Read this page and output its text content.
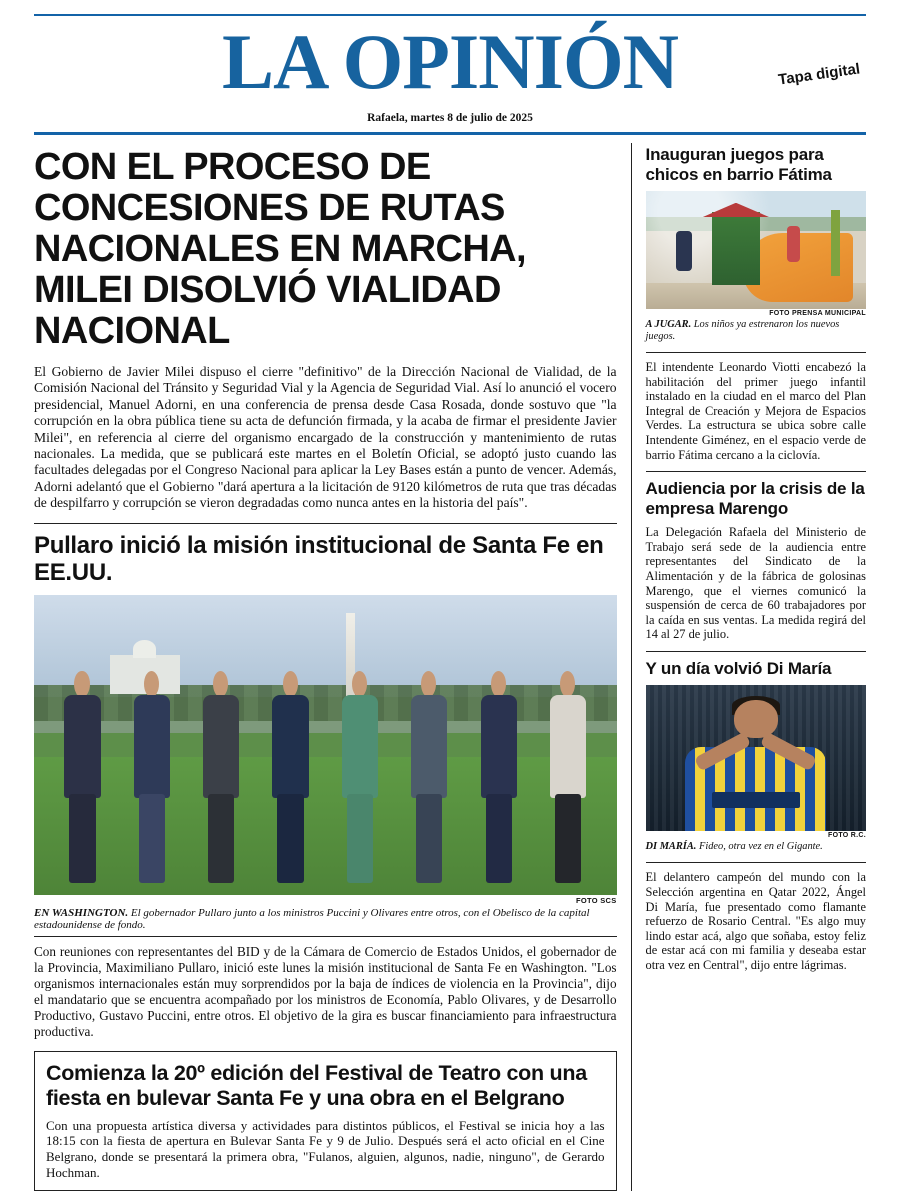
LA OPINIÓN	Tapa digital
Rafaela, martes 8 de julio de 2025
CON EL PROCESO DE CONCESIONES DE RUTAS NACIONALES EN MARCHA, MILEI DISOLVIÓ VIALIDAD NACIONAL

El Gobierno de Javier Milei dispuso el cierre "definitivo" de la Dirección Nacional de Vialidad, de la Comisión Nacional del Tránsito y Seguridad Vial y la Agencia de Seguridad Vial. Así lo anunció el vocero presidencial, Manuel Adorni, en una conferencia de prensa desde Casa Rosada, donde sostuvo que "la corrupción en la obra pública tiene su acta de defunción firmada, y la acaba de firmar el presidente Javier Milei", en referencia al cierre del organismo encargado de la construcción y mantenimiento de rutas nacionales. La medida, que se publicará este martes en el Boletín Oficial, se adoptó justo cuando las facultades delegadas por el Congreso Nacional para aplicar la Ley Bases están a punto de vencer. Además, Adorni adelantó que el Gobierno "dará apertura a la licitación de 9120 kilómetros de ruta que tras décadas de despilfarro y corrupción se vieron degradadas como nunca antes en la historia del país".

Pullaro inició la misión institucional de Santa Fe en EE.UU.
FOTO SCS
EN WASHINGTON. El gobernador Pullaro junto a los ministros Puccini y Olivares entre otros, con el Obelisco de la capital estadounidense de fondo.

Con reuniones con representantes del BID y de la Cámara de Comercio de Estados Unidos, el gobernador de la Provincia, Maximiliano Pullaro, inició este lunes la misión institucional de Santa Fe en Washington. "Los organismos internacionales están muy sorprendidos por la baja de índices de violencia en la Provincia", dijo el mandatario que se encuentra acompañado por los ministros de Economía, Pablo Olivares, y de Desarrollo Productivo, Gustavo Puccini, entre otros. El objetivo de la gira es buscar financiamiento para infraestructura productiva.

Comienza la 20º edición del Festival de Teatro con una fiesta en bulevar Santa Fe y una obra en el Belgrano

Con una propuesta artística diversa y actividades para distintos públicos, el Festival se inicia hoy a las 18:15 con la fiesta de apertura en Bulevar Santa Fe y 9 de Julio. Después será el acto oficial en el Cine Belgrano, donde se presentará la primera obra, "Fulanos, alguien, algunos, nadie, ninguno", de Gerardo Hochman.

Inauguran juegos para chicos en barrio Fátima
FOTO PRENSA MUNICIPAL
A JUGAR. Los niños ya estrenaron los nuevos juegos.

El intendente Leonardo Viotti encabezó la habilitación del primer juego infantil instalado en la ciudad en el marco del Plan Integral de Creación y Mejora de Espacios Verdes. La estructura se ubica sobre calle Intendente Giménez, en el espacio verde de barrio Fátima cercano a la ciclovía.

Audiencia por la crisis de la empresa Marengo

La Delegación Rafaela del Ministerio de Trabajo será sede de la audiencia entre representantes del Sindicato de la Alimentación y de la fábrica de golosinas Marengo, que el viernes comunicó la suspensión de cerca de 60 trabajadores por la caída en sus ventas. La medida regirá del 14 al 27 de julio.

Y un día volvió Di María
FOTO R.C.
DI MARÍA. Fideo, otra vez en el Gigante.

El delantero campeón del mundo con la Selección argentina en Qatar 2022, Ángel Di María, fue presentado como flamante refuerzo de Rosario Central. "Es algo muy lindo estar acá, algo que soñaba, estoy feliz de estar acá con mi familia y deseaba estar otra vez en Central", dijo entre lágrimas.
